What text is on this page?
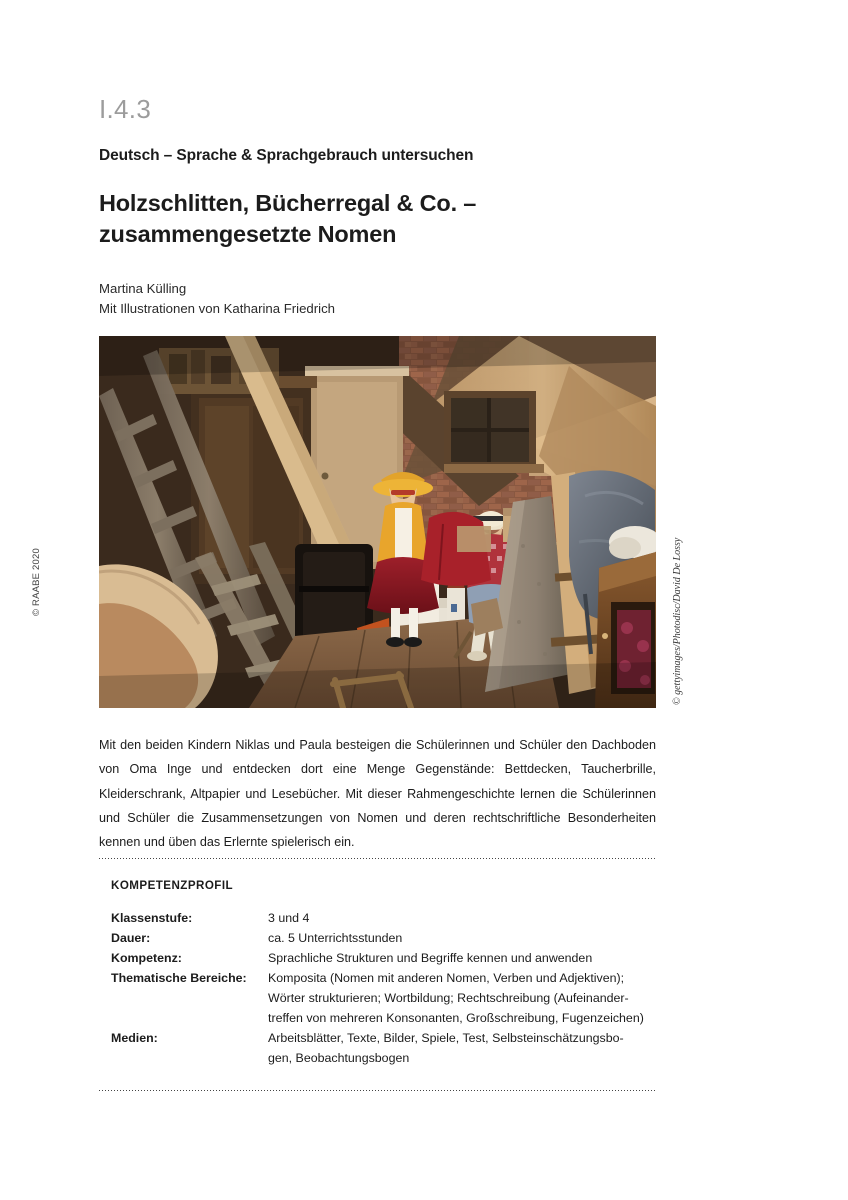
© RAABE 2020
I.4.3
Deutsch – Sprache & Sprachgebrauch untersuchen
Holzschlitten, Bücherregal & Co. –
zusammengesetzte Nomen
Martina Külling
Mit Illustrationen von Katharina Friedrich
© gettyimages/Photodisc/David De Lossy

Mit den beiden Kindern Niklas und Paula besteigen die Schülerinnen und Schüler den Dachboden von Oma Inge und entdecken dort eine Menge Gegenstände: Bettdecken, Taucherbrille, Kleiderschrank, Altpapier und Lesebücher. Mit dieser Rahmengeschichte lernen die Schülerinnen und Schüler die Zusammensetzungen von Nomen und deren rechtschriftliche Besonderheiten kennen und üben das Erlernte spielerisch ein.

KOMPETENZPROFIL
Klassenstufe:	3 und 4

Dauer:	ca. 5 Unterrichtsstunden

Kompetenz:	Sprachliche Strukturen und Begriffe kennen und anwenden

Thematische Bereiche:	Komposita (Nomen mit anderen Nomen, Verben und Adjektiven);
Wörter strukturieren; Wortbildung; Rechtschreibung (Aufeinander-
treffen von mehreren Konsonanten, Großschreibung, Fugenzeichen)

Medien:	Arbeitsblätter, Texte, Bilder, Spiele, Test, Selbsteinschätzungsbo-
gen, Beobachtungsbogen
